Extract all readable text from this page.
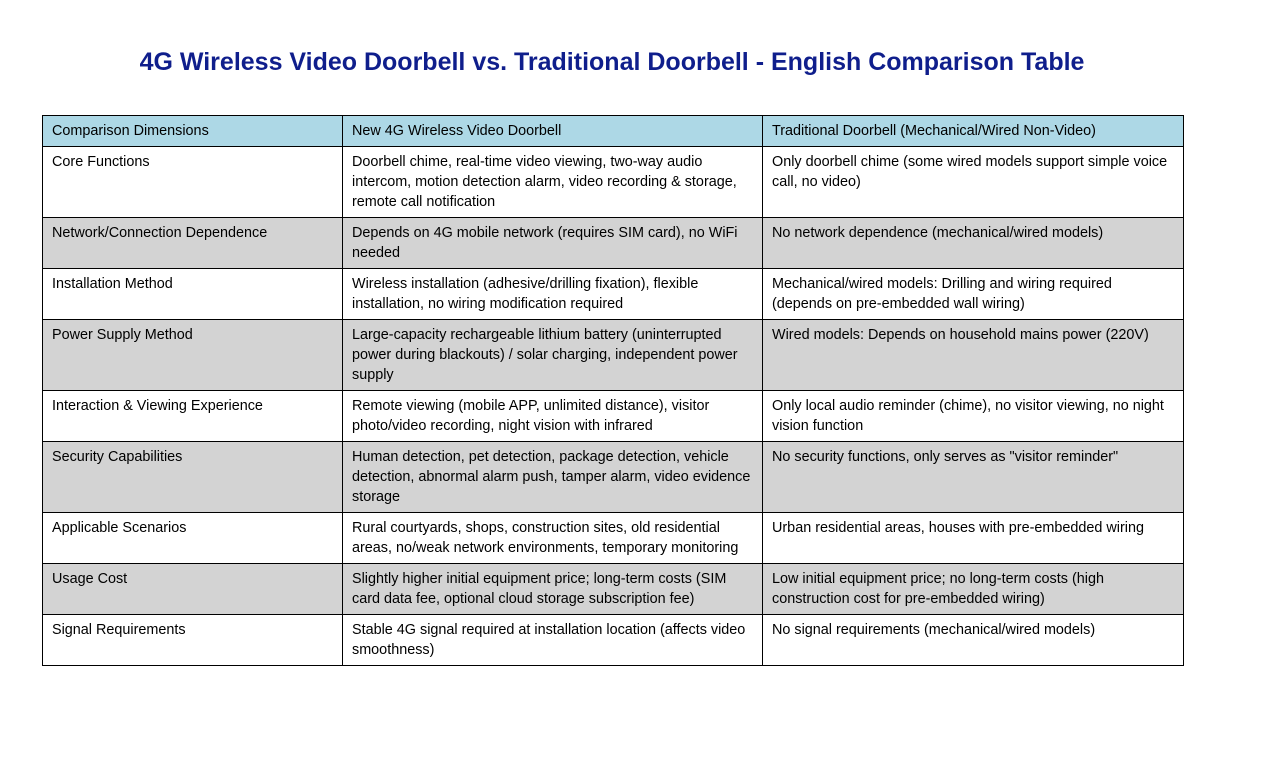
4G Wireless Video Doorbell vs. Traditional Doorbell - English Comparison Table
Comparison Dimensions	New 4G Wireless Video Doorbell	Traditional Doorbell (Mechanical/Wired Non-Video)
Core Functions	Doorbell chime, real-time video viewing, two-way audio intercom, motion detection alarm, video recording & storage, remote call notification	Only doorbell chime (some wired models support simple voice call, no video)
Network/Connection Dependence	Depends on 4G mobile network (requires SIM card), no WiFi needed	No network dependence (mechanical/wired models)
Installation Method	Wireless installation (adhesive/drilling fixation), flexible installation, no wiring modification required	Mechanical/wired models: Drilling and wiring required (depends on pre-embedded wall wiring)
Power Supply Method	Large-capacity rechargeable lithium battery (uninterrupted power during blackouts) / solar charging, independent power supply	Wired models: Depends on household mains power (220V)
Interaction & Viewing Experience	Remote viewing (mobile APP, unlimited distance), visitor photo/video recording, night vision with infrared	Only local audio reminder (chime), no visitor viewing, no night vision function
Security Capabilities	Human detection, pet detection, package detection, vehicle detection, abnormal alarm push, tamper alarm, video evidence storage	No security functions, only serves as "visitor reminder"
Applicable Scenarios	Rural courtyards, shops, construction sites, old residential areas, no/weak network environments, temporary monitoring	Urban residential areas, houses with pre-embedded wiring
Usage Cost	Slightly higher initial equipment price; long-term costs (SIM card data fee, optional cloud storage subscription fee)	Low initial equipment price; no long-term costs (high construction cost for pre-embedded wiring)
Signal Requirements	Stable 4G signal required at installation location (affects video smoothness)	No signal requirements (mechanical/wired models)
